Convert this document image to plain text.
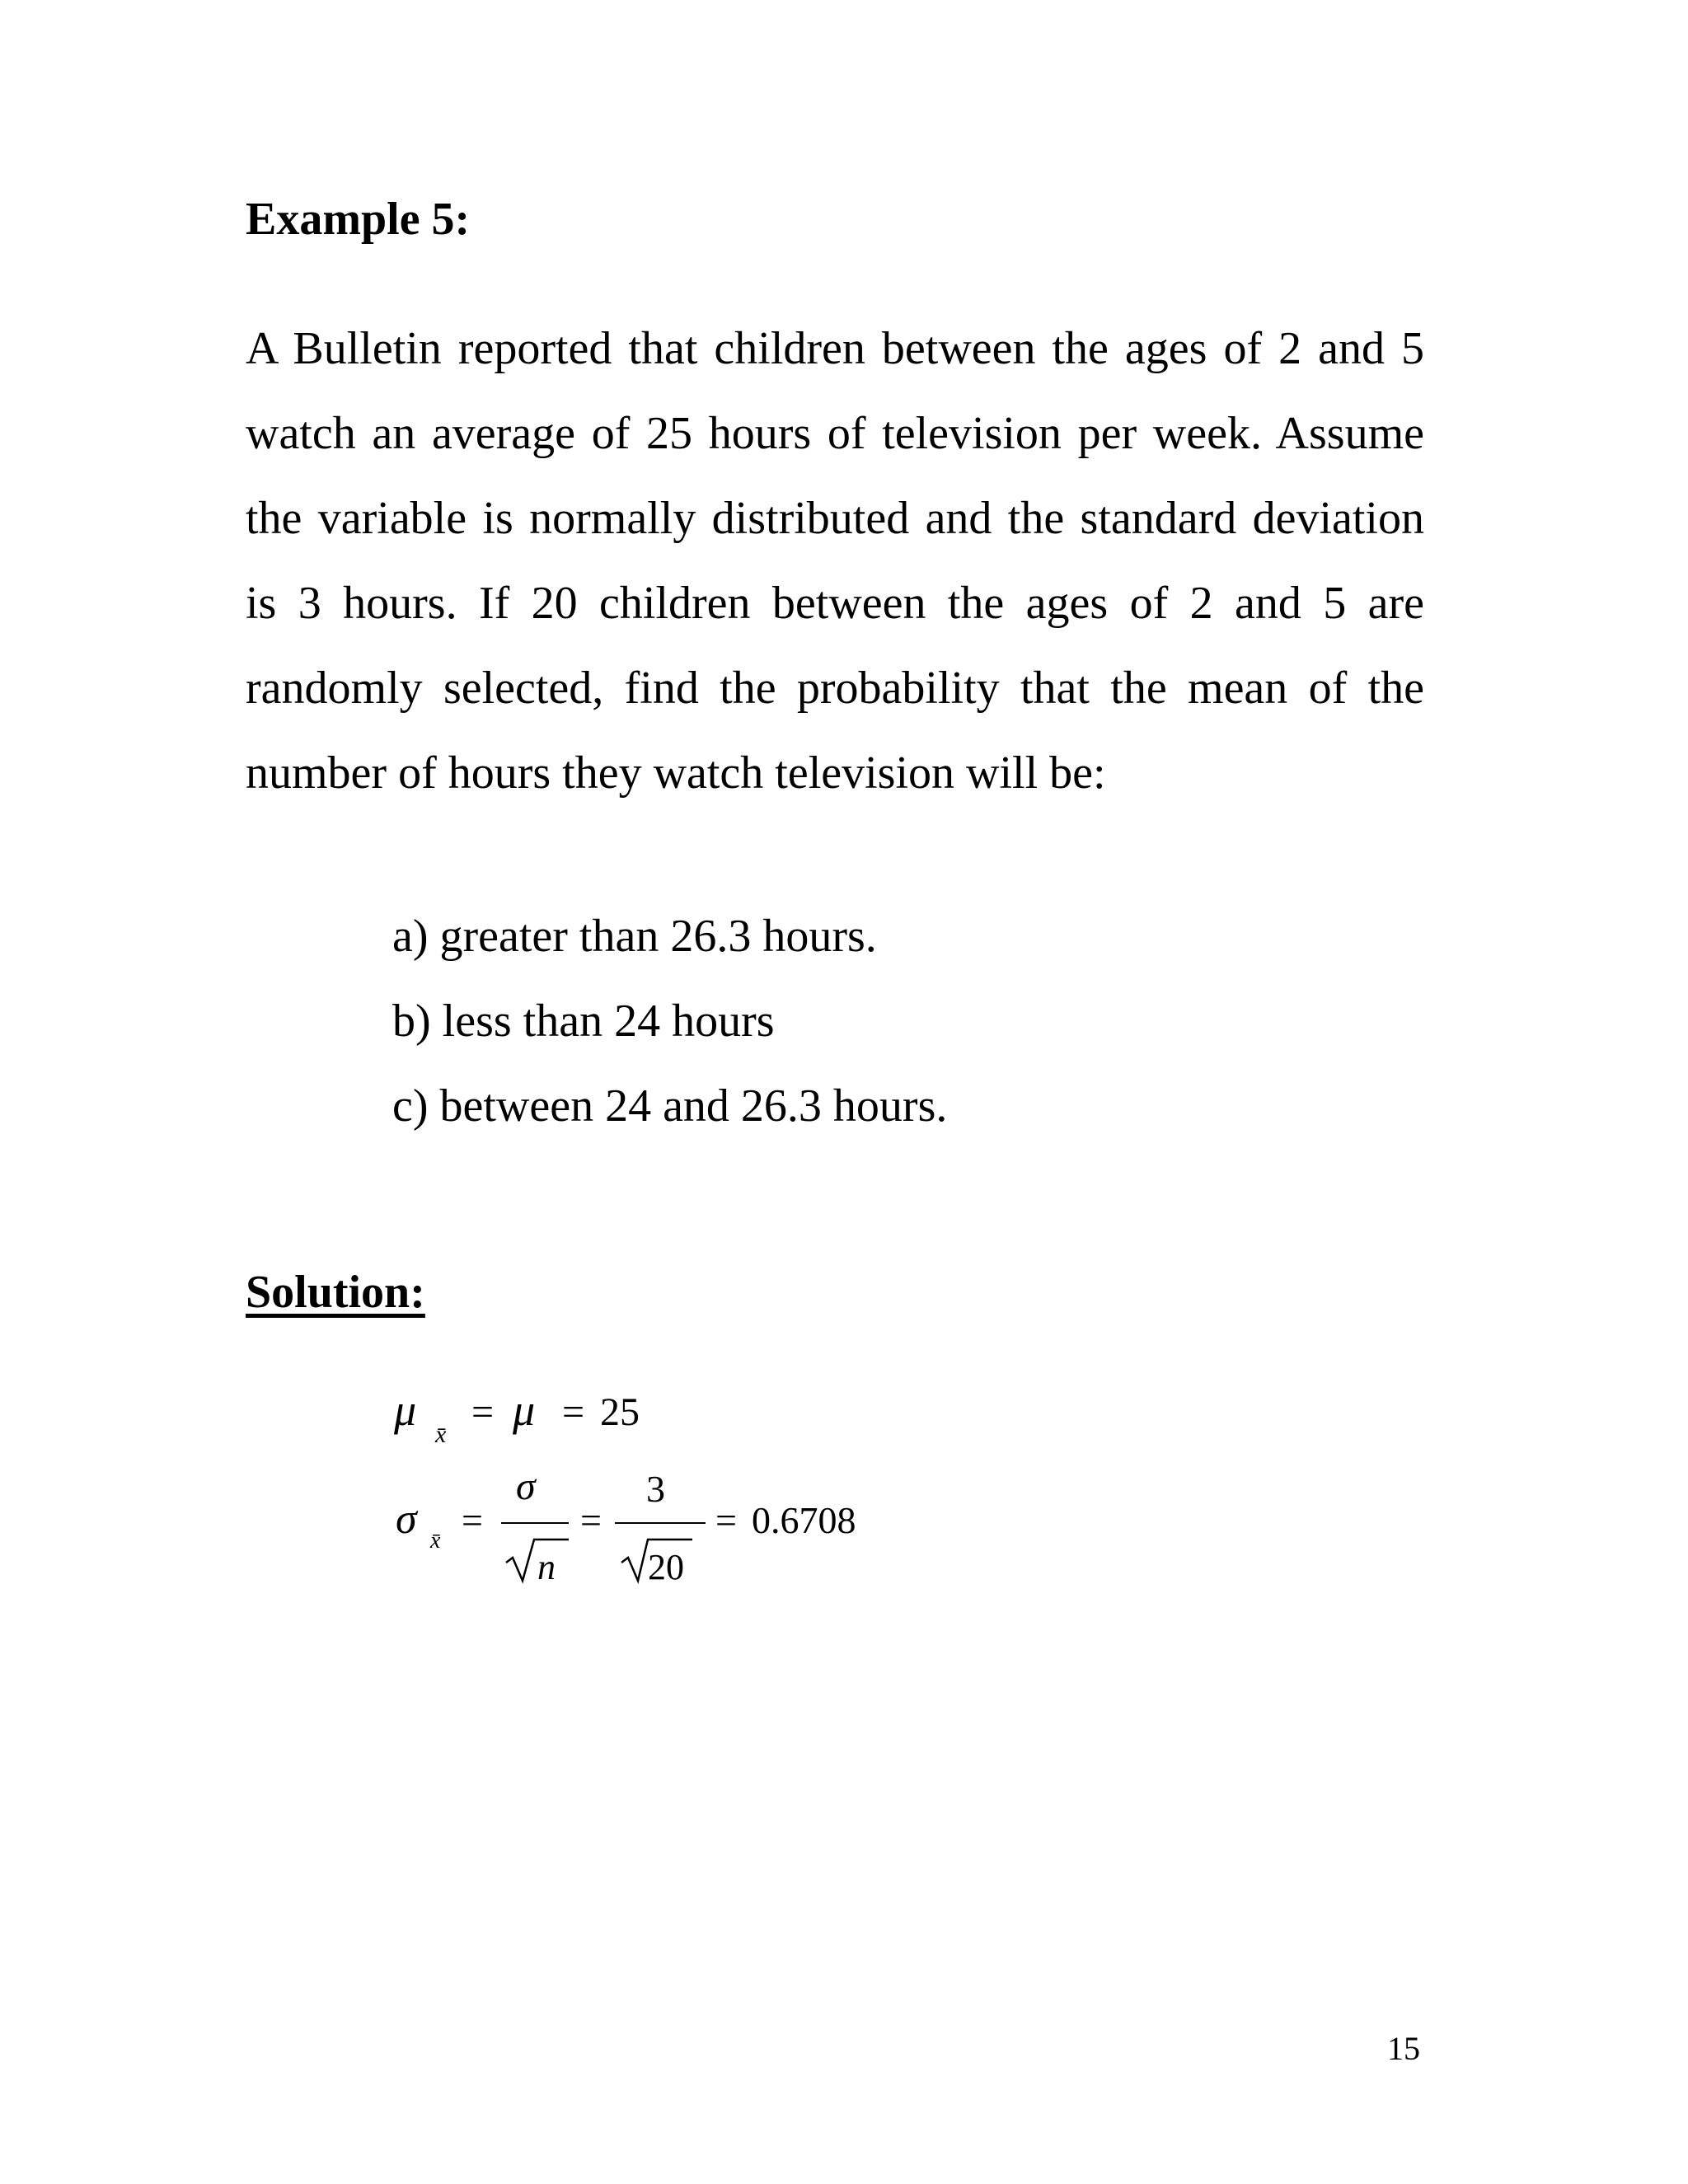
Example 5:

A Bulletin reported that children between the ages of 2 and 5 watch an average of 25 hours of television per week. Assume the variable is normally distributed and the standard deviation is 3 hours. If 20 children between the ages of 2 and 5 are randomly selected, find the probability that the mean of the number of hours they watch television will be:

a) greater than 26.3 hours.
b) less than 24 hours
c) between 24 and 26.3 hours.
Solution:
μ x̄
= μ = 25
σ x̄ =
σ
n
=
3
20
= 0.6708
15
